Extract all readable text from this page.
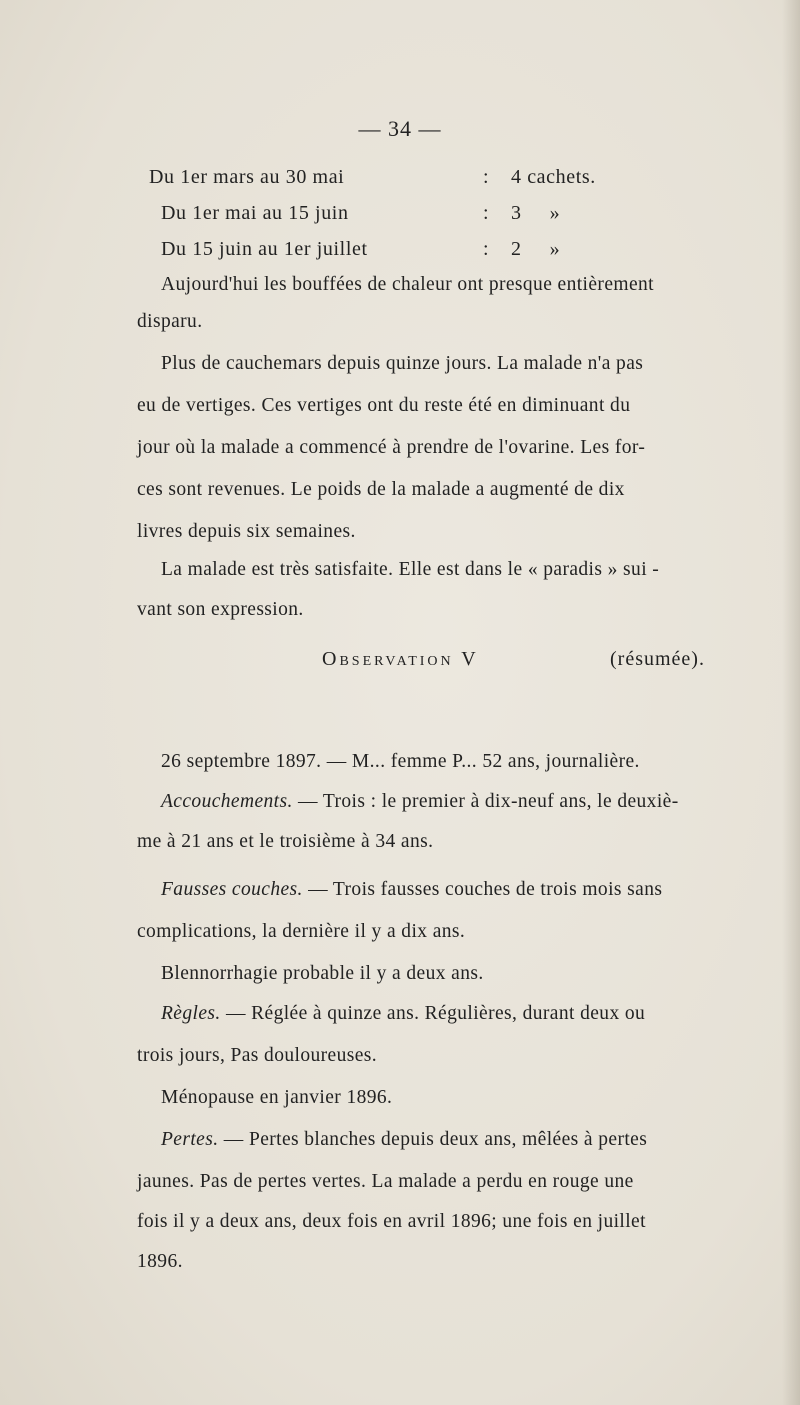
— 34 —
Du 1er mars au 30 mai	: 4 cachets.
Du 1er mai au 15 juin	: 3     »
Du 15 juin au 1er juillet	: 2     »
Aujourd'hui les bouffées de chaleur ont presque entièrement
disparu.
Plus de cauchemars depuis quinze jours. La malade n'a pas
eu de vertiges. Ces vertiges ont du reste été en diminuant du
jour où la malade a commencé à prendre de l'ovarine. Les for-
ces sont revenues. Le poids de la malade a augmenté de dix
livres depuis six semaines.
La malade est très satisfaite. Elle est dans le « paradis » sui -
vant son expression.
Observation V	(résumée).
26 septembre 1897. — M... femme P... 52 ans, journalière.
Accouchements. — Trois : le premier à dix-neuf ans, le deuxiè-
me à 21 ans et le troisième à 34 ans.
Fausses couches. — Trois fausses couches de trois mois sans
complications, la dernière il y a dix ans.
Blennorrhagie probable il y a deux ans.
Règles. — Réglée à quinze ans. Régulières, durant deux ou
trois jours, Pas douloureuses.
Ménopause en janvier 1896.
Pertes. — Pertes blanches depuis deux ans, mêlées à pertes
jaunes. Pas de pertes vertes. La malade a perdu en rouge une
fois il y a deux ans, deux fois en avril 1896; une fois en juillet
1896.
